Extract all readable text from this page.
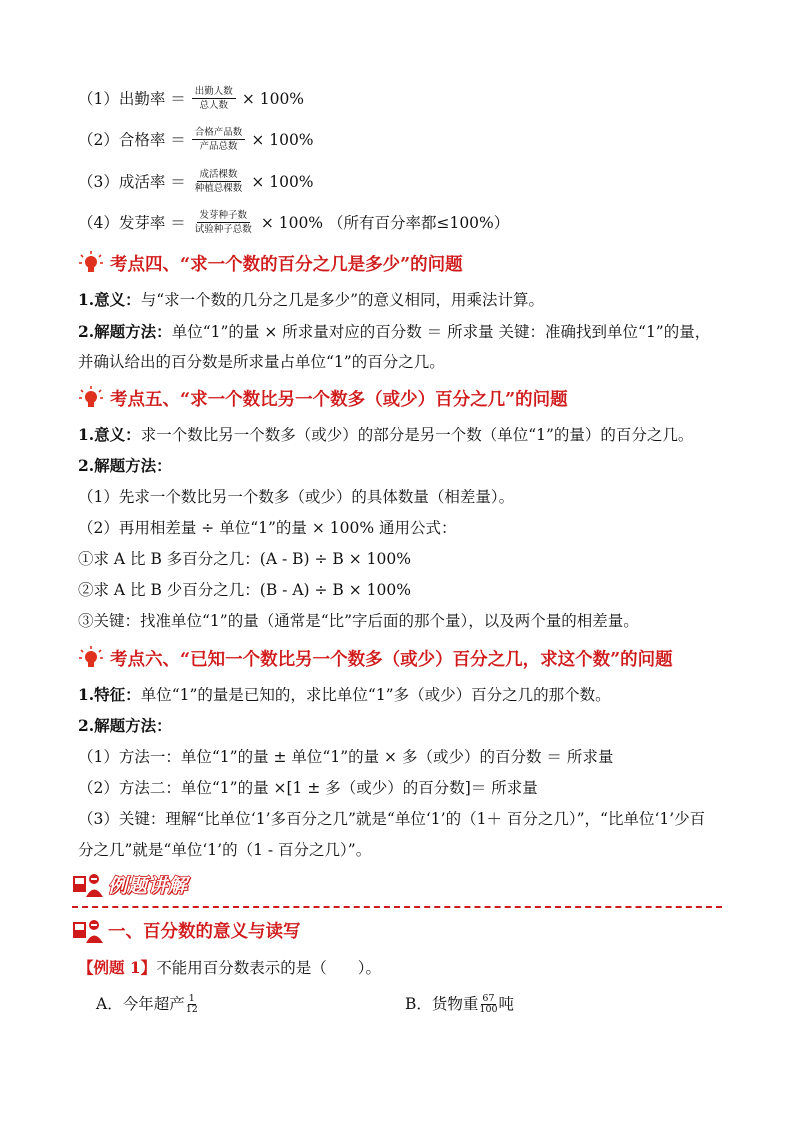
（1）出勤率 ＝ $\frac{\text{出勤人数}}{\text{总人数}} \times 100\%$
（2）合格率 ＝ $\frac{\text{合格产品数}}{\text{产品总数}} \times 100\%$
（3）成活率 ＝ $\frac{\text{成活棵数}}{\text{种植总棵数}} \times 100\%$
（4）发芽率 ＝ $\frac{\text{发芽种子数}}{\text{试验种子总数}} \times 100\%$ （所有百分率都≤100%）
考点四、“求一个数的百分之几是多少”的问题
1.意义：与“求一个数的几分之几是多少”的意义相同，用乘法计算。
2.解题方法：单位“1”的量 × 所求量对应的百分数 ＝ 所求量 关键：准确找到单位“1”的量，
并确认给出的百分数是所求量占单位“1”的百分之几。
考点五、“求一个数比另一个数多（或少）百分之几”的问题
1.意义：求一个数比另一个数多（或少）的部分是另一个数（单位“1”的量）的百分之几。
2.解题方法：
（1）先求一个数比另一个数多（或少）的具体数量（相差量）。
（2）再用相差量 ÷ 单位“1”的量 × 100% 通用公式：
①求 A 比 B 多百分之几：(A - B) ÷ B × 100%
②求 A 比 B 少百分之几：(B - A) ÷ B × 100%
③关键：找准单位“1”的量（通常是“比”字后面的那个量），以及两个量的相差量。
考点六、“已知一个数比另一个数多（或少）百分之几，求这个数”的问题
1.特征：单位“1”的量是已知的，求比单位“1”多（或少）百分之几的那个数。
2.解题方法：
（1）方法一：单位“1”的量 ± 单位“1”的量 × 多（或少）的百分数 ＝ 所求量
（2）方法二：单位“1”的量 ×[1 ± 多（或少）的百分数]＝ 所求量
（3）关键：理解“比单位‘1’多百分之几”就是“单位‘1’的（1＋ 百分之几）”，“比单位‘1’少百
分之几”就是“单位‘1’的（1 - 百分之几）”。
例题讲解
一、百分数的意义与读写
【例题 1】不能用百分数表示的是（　　）。
A．今年超产 $\frac{1}{12}$	B．货物重 $\frac{67}{100}$ 吨
